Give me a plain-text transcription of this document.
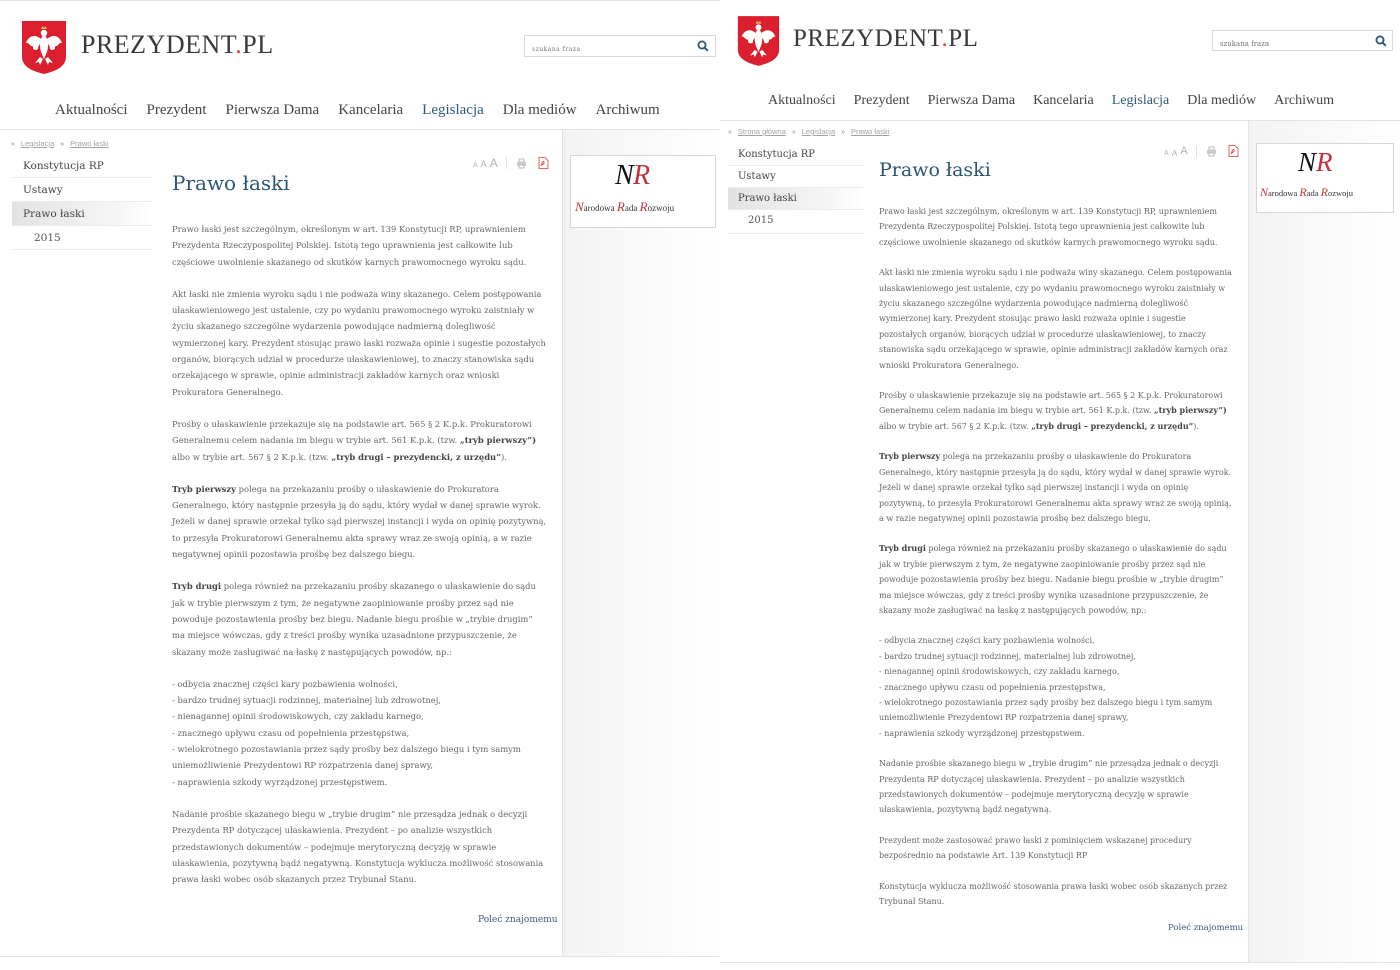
PREZYDENT.PL
szukana fraza
Aktualności Prezydent Pierwsza Dama Kancelaria Legislacja Dla mediów Archiwum
» Legislacja » Prawo łaski
Konstytucja RP
Ustawy
Prawo łaski
2015
A A A
Prawo łaski

Prawo łaski jest szczególnym, określonym w art. 139 Konstytucji RP, uprawnieniem Prezydenta Rzeczypospolitej Polskiej. Istotą tego uprawnienia jest całkowite lub częściowe uwolnienie skazanego od skutków karnych prawomocnego wyroku sądu.

Akt łaski nie zmienia wyroku sądu i nie podważa winy skazanego. Celem postępowania ułaskawieniowego jest ustalenie, czy po wydaniu prawomocnego wyroku zaistniały w życiu skazanego szczególne wydarzenia powodujące nadmierną dolegliwość wymierzonej kary. Prezydent stosując prawo łaski rozważa opinie i sugestie pozostałych organów, biorących udział w procedurze ułaskawieniowej, to znaczy stanowiska sądu orzekającego w sprawie, opinie administracji zakładów karnych oraz wnioski Prokuratora Generalnego.

Prośby o ułaskawienie przekazuje się na podstawie art. 565 § 2 K.p.k. Prokuratorowi Generalnemu celem nadania im biegu w trybie art. 561 K.p.k. (tzw. „tryb pierwszy”) albo w trybie art. 567 § 2 K.p.k. (tzw. „tryb drugi – prezydencki, z urzędu”).

Tryb pierwszy polega na przekazaniu prośby o ułaskawienie do Prokuratora Generalnego, który następnie przesyła ją do sądu, który wydał w danej sprawie wyrok. Jeżeli w danej sprawie orzekał tylko sąd pierwszej instancji i wyda on opinię pozytywną, to przesyła Prokuratorowi Generalnemu akta sprawy wraz ze swoją opinią, a w razie negatywnej opinii pozostawia prośbę bez dalszego biegu.

Tryb drugi polega również na przekazaniu prośby skazanego o ułaskawienie do sądu jak w trybie pierwszym z tym, że negatywne zaopiniowanie prośby przez sąd nie powoduje pozostawienia prośby bez biegu. Nadanie biegu prośbie w „trybie drugim” ma miejsce wówczas, gdy z treści prośby wynika uzasadnione przypuszczenie, że skazany może zasługiwać na łaskę z następujących powodów, np.:

- odbycia znacznej części kary pozbawienia wolności,

- bardzo trudnej sytuacji rodzinnej, materialnej lub zdrowotnej,

- nienagannej opinii środowiskowych, czy zakładu karnego,

- znacznego upływu czasu od popełnienia przestępstwa,

- wielokrotnego pozostawiania przez sądy prośby bez dalszego biegu i tym samym uniemożliwienie Prezydentowi RP rozpatrzenia danej sprawy,

- naprawienia szkody wyrządzonej przestępstwem.

Nadanie prośbie skazanego biegu w „trybie drugim” nie przesądza jednak o decyzji Prezydenta RP dotyczącej ułaskawienia. Prezydent – po analizie wszystkich przedstawionych dokumentów – podejmuje merytoryczną decyzję w sprawie ułaskawienia, pozytywną bądź negatywną. Konstytucja wyklucza możliwość stosowania prawa łaski wobec osób skazanych przez Trybunał Stanu.

Poleć znajomemu
N R
Narodowa Rada Rozwoju
PREZYDENT.PL
szukana fraza
Aktualności Prezydent Pierwsza Dama Kancelaria Legislacja Dla mediów Archiwum
» Strona główna » Legislacja » Prawo łaski
Konstytucja RP
Ustawy
Prawo łaski
2015
A A A
Prawo łaski

Prawo łaski jest szczególnym, określonym w art. 139 Konstytucji RP, uprawnieniem Prezydenta Rzeczypospolitej Polskiej. Istotą tego uprawnienia jest całkowite lub częściowe uwolnienie skazanego od skutków karnych prawomocnego wyroku sądu.

Akt łaski nie zmienia wyroku sądu i nie podważa winy skazanego. Celem postępowania ułaskawieniowego jest ustalenie, czy po wydaniu prawomocnego wyroku zaistniały w życiu skazanego szczególne wydarzenia powodujące nadmierną dolegliwość wymierzonej kary. Prezydent stosując prawo łaski rozważa opinie i sugestie pozostałych organów, biorących udział w procedurze ułaskawieniowej, to znaczy stanowiska sądu orzekającego w sprawie, opinie administracji zakładów karnych oraz wnioski Prokuratora Generalnego.

Prośby o ułaskawienie przekazuje się na podstawie art. 565 § 2 K.p.k. Prokuratorowi Generalnemu celem nadania im biegu w trybie art. 561 K.p.k. (tzw. „tryb pierwszy”) albo w trybie art. 567 § 2 K.p.k. (tzw. „tryb drugi – prezydencki, z urzędu”).

Tryb pierwszy polega na przekazaniu prośby o ułaskawienie do Prokuratora Generalnego, który następnie przesyła ją do sądu, który wydał w danej sprawie wyrok. Jeżeli w danej sprawie orzekał tylko sąd pierwszej instancji i wyda on opinię pozytywną, to przesyła Prokuratorowi Generalnemu akta sprawy wraz ze swoją opinią, a w razie negatywnej opinii pozostawia prośbę bez dalszego biegu.

Tryb drugi polega również na przekazaniu prośby skazanego o ułaskawienie do sądu jak w trybie pierwszym z tym, że negatywne zaopiniowanie prośby przez sąd nie powoduje pozostawienia prośby bez biegu. Nadanie biegu prośbie w „trybie drugim” ma miejsce wówczas, gdy z treści prośby wynika uzasadnione przypuszczenie, że skazany może zasługiwać na łaskę z następujących powodów, np.:

- odbycia znacznej części kary pozbawienia wolności,

- bardzo trudnej sytuacji rodzinnej, materialnej lub zdrowotnej,

- nienagannej opinii środowiskowych, czy zakładu karnego,

- znacznego upływu czasu od popełnienia przestępstwa,

- wielokrotnego pozostawiania przez sądy prośby bez dalszego biegu i tym samym uniemożliwienie Prezydentowi RP rozpatrzenia danej sprawy,

- naprawienia szkody wyrządzonej przestępstwem.

Nadanie prośbie skazanego biegu w „trybie drugim” nie przesądza jednak o decyzji Prezydenta RP dotyczącej ułaskawienia. Prezydent – po analizie wszystkich przedstawionych dokumentów – podejmuje merytoryczną decyzję w sprawie ułaskawienia, pozytywną bądź negatywną.

Prezydent może zastosować prawo łaski z pominięciem wskazanej procedury bezpośrednio na podstawie Art. 139 Konstytucji RP

Konstytucja wyklucza możliwość stosowania prawa łaski wobec osób skazanych przez Trybunał Stanu.

Poleć znajomemu
N R
Narodowa Rada Rozwoju
